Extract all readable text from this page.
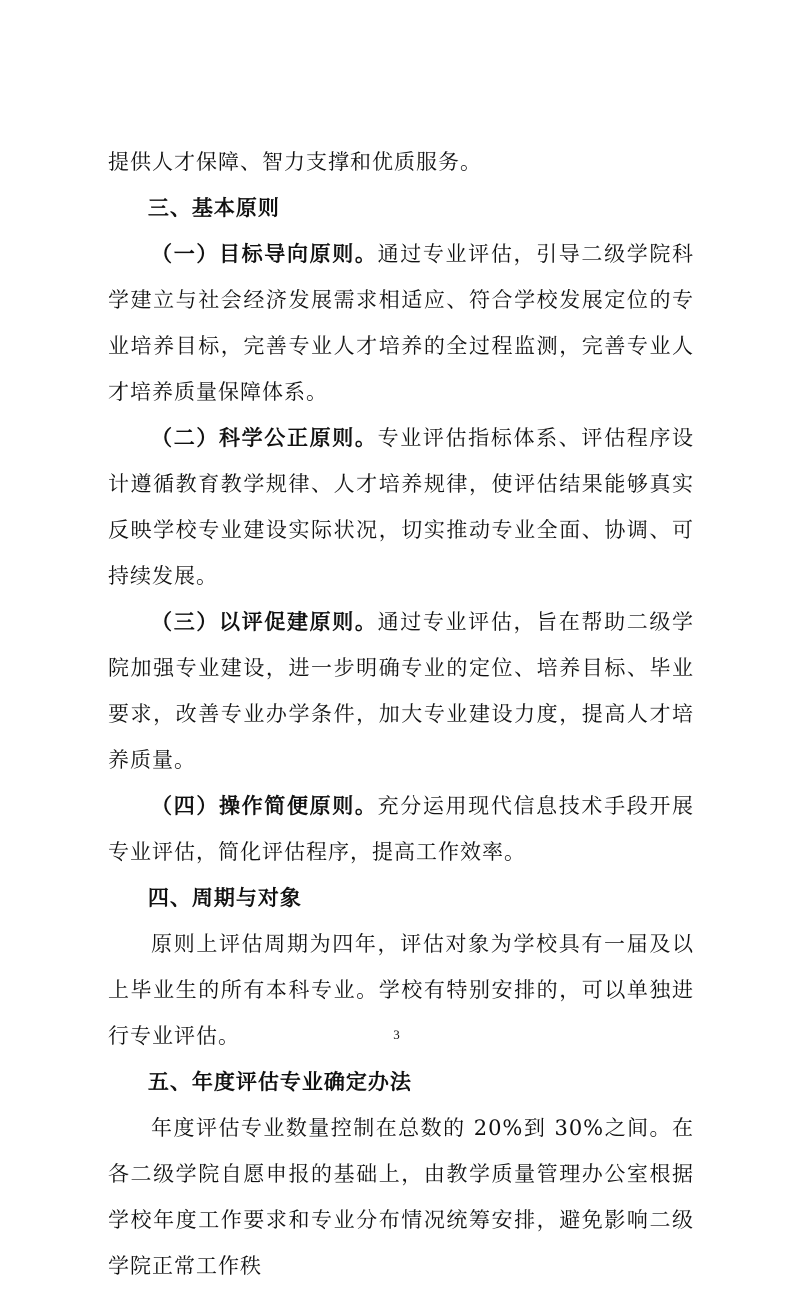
提供人才保障、智力支撑和优质服务。

三、基本原则

（一）目标导向原则。通过专业评估，引导二级学院科学建立与社会经济发展需求相适应、符合学校发展定位的专业培养目标，完善专业人才培养的全过程监测，完善专业人才培养质量保障体系。

（二）科学公正原则。专业评估指标体系、评估程序设计遵循教育教学规律、人才培养规律，使评估结果能够真实反映学校专业建设实际状况，切实推动专业全面、协调、可持续发展。

（三）以评促建原则。通过专业评估，旨在帮助二级学院加强专业建设，进一步明确专业的定位、培养目标、毕业要求，改善专业办学条件，加大专业建设力度，提高人才培养质量。

（四）操作简便原则。充分运用现代信息技术手段开展专业评估，简化评估程序，提高工作效率。

四、周期与对象

原则上评估周期为四年，评估对象为学校具有一届及以上毕业生的所有本科专业。学校有特别安排的，可以单独进行专业评估。

五、年度评估专业确定办法

年度评估专业数量控制在总数的 20%到 30%之间。在各二级学院自愿申报的基础上，由教学质量管理办公室根据学校年度工作要求和专业分布情况统筹安排，避免影响二级学院正常工作秩

3
